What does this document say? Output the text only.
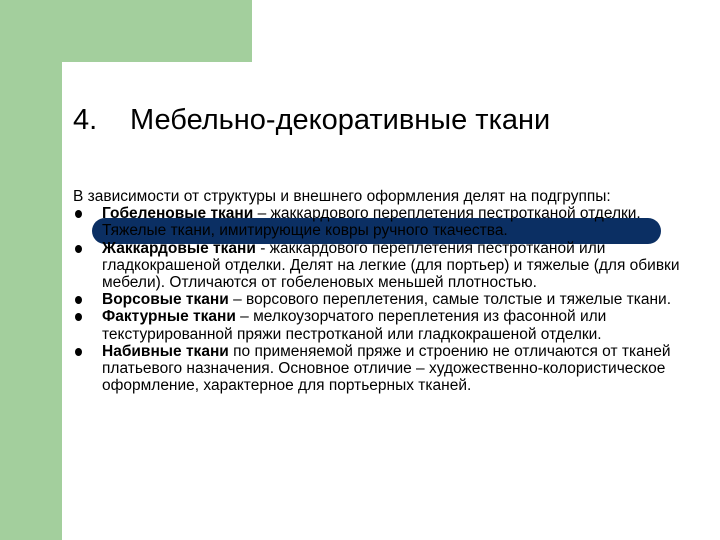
4. Мебельно-декоративные ткани

В зависимости от структуры и внешнего оформления делят на подгруппы:

Гобеленовые ткани – жаккардового переплетения пестротканой отделки. Тяжелые ткани, имитирующие ковры ручного ткачества.
Жаккардовые ткани - жаккардового переплетения пестротканой или гладкокрашеной отделки. Делят на легкие (для портьер) и тяжелые (для обивки мебели). Отличаются от гобеленовых меньшей плотностью.
Ворсовые ткани – ворсового переплетения, самые толстые и тяжелые ткани.
Фактурные ткани – мелкоузорчатого переплетения из фасонной или текстурированной пряжи пестротканой или гладкокрашеной отделки.
Набивные ткани по применяемой пряже и строению не отличаются от тканей платьевого назначения. Основное отличие – художественно-колористическое оформление, характерное для портьерных тканей.
